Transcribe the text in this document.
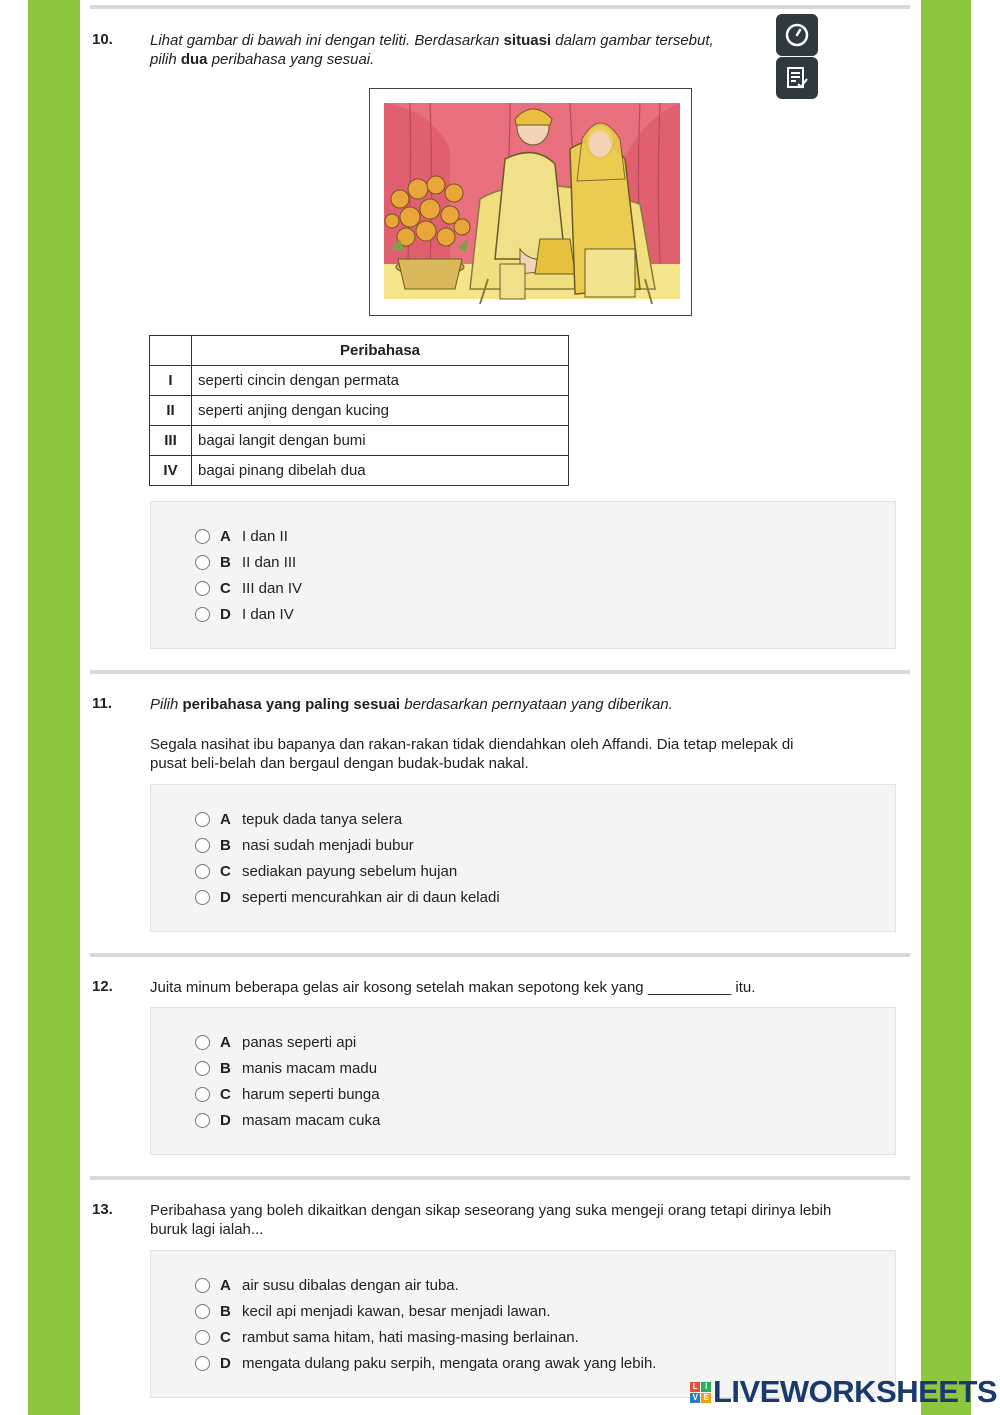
10. Lihat gambar di bawah ini dengan teliti. Berdasarkan situasi dalam gambar tersebut,
pilih dua peribahasa yang sesuai.
	Peribahasa
I	seperti cincin dengan permata
II	seperti anjing dengan kucing
III	bagai langit dengan bumi
IV	bagai pinang dibelah dua
A I dan II
B II dan III
C III dan IV
D I dan IV
11.	Pilih peribahasa yang paling sesuai berdasarkan pernyataan yang diberikan.
Segala nasihat ibu bapanya dan rakan-rakan tidak diendahkan oleh Affandi. Dia tetap melepak di
pusat beli-belah dan bergaul dengan budak-budak nakal.
A tepuk dada tanya selera
B nasi sudah menjadi bubur
C sediakan payung sebelum hujan
D seperti mencurahkan air di daun keladi
12. Juita minum beberapa gelas air kosong setelah makan sepotong kek yang __________ itu.
A panas seperti api
B manis macam madu
C harum seperti bunga
D masam macam cuka
13. Peribahasa yang boleh dikaitkan dengan sikap seseorang yang suka mengeji orang tetapi dirinya lebih
buruk lagi ialah...
A air susu dibalas dengan air tuba.
B kecil api menjadi kawan, besar menjadi lawan.
C rambut sama hitam, hati masing-masing berlainan.
D mengata dulang paku serpih, mengata orang awak yang lebih.
L I
V E LIVEWORKSHEETS
